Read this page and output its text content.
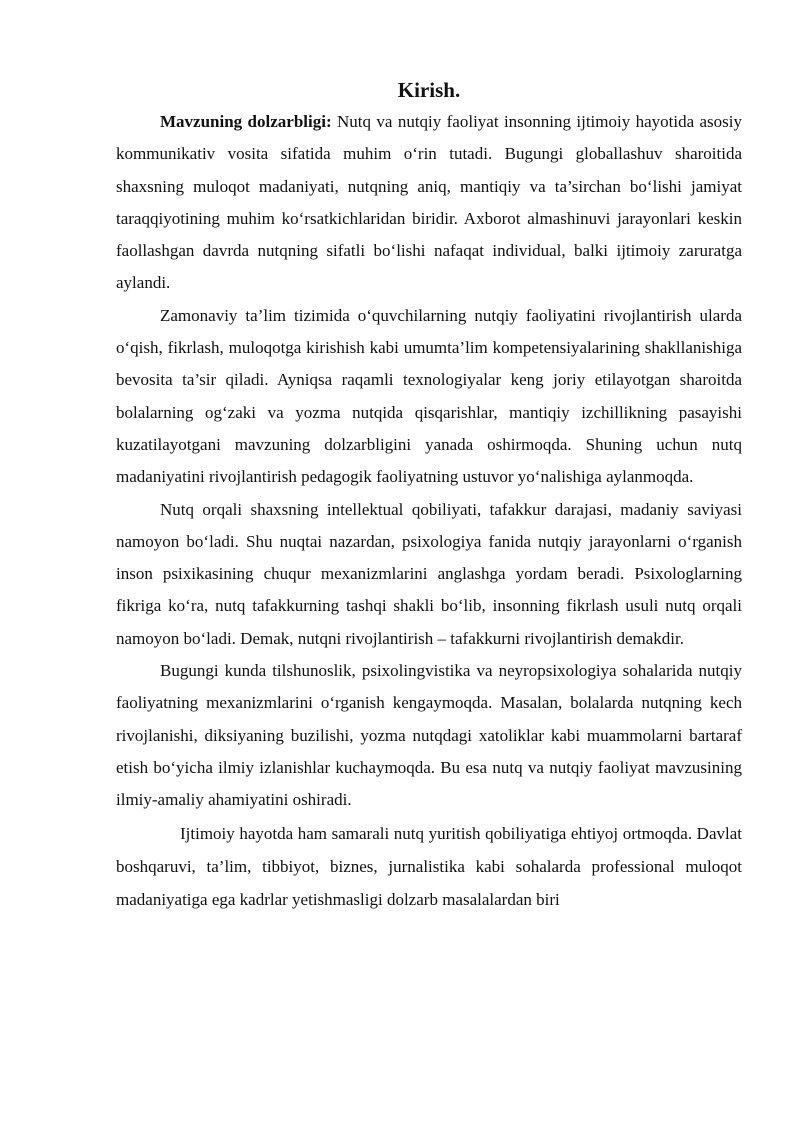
Kirish.

Mavzuning dolzarbligi: Nutq va nutqiy faoliyat insonning ijtimoiy hayotida asosiy kommunikativ vosita sifatida muhim o‘rin tutadi. Bugungi globallashuv sharoitida shaxsning muloqot madaniyati, nutqning aniq, mantiqiy va ta’sirchan bo‘lishi jamiyat taraqqiyotining muhim ko‘rsatkichlaridan biridir. Axborot almashinuvi jarayonlari keskin faollashgan davrda nutqning sifatli bo‘lishi nafaqat individual, balki ijtimoiy zaruratga aylandi.

Zamonaviy ta’lim tizimida o‘quvchilarning nutqiy faoliyatini rivojlantirish ularda o‘qish, fikrlash, muloqotga kirishish kabi umumta’lim kompetensiyalarining shakllanishiga bevosita ta’sir qiladi. Ayniqsa raqamli texnologiyalar keng joriy etilayotgan sharoitda bolalarning og‘zaki va yozma nutqida qisqarishlar, mantiqiy izchillikning pasayishi kuzatilayotgani mavzuning dolzarbligini yanada oshirmoqda. Shuning uchun nutq madaniyatini rivojlantirish pedagogik faoliyatning ustuvor yo‘nalishiga aylanmoqda.

Nutq orqali shaxsning intellektual qobiliyati, tafakkur darajasi, madaniy saviyasi namoyon bo‘ladi. Shu nuqtai nazardan, psixologiya fanida nutqiy jarayonlarni o‘rganish inson psixikasining chuqur mexanizmlarini anglashga yordam beradi. Psixologlarning fikriga ko‘ra, nutq tafakkurning tashqi shakli bo‘lib, insonning fikrlash usuli nutq orqali namoyon bo‘ladi. Demak, nutqni rivojlantirish – tafakkurni rivojlantirish demakdir.

Bugungi kunda tilshunoslik, psixolingvistika va neyropsixologiya sohalarida nutqiy faoliyatning mexanizmlarini o‘rganish kengaymoqda. Masalan, bolalarda nutqning kech rivojlanishi, diksiyaning buzilishi, yozma nutqdagi xatoliklar kabi muammolarni bartaraf etish bo‘yicha ilmiy izlanishlar kuchaymoqda. Bu esa nutq va nutqiy faoliyat mavzusining ilmiy-amaliy ahamiyatini oshiradi.

Ijtimoiy hayotda ham samarali nutq yuritish qobiliyatiga ehtiyoj ortmoqda. Davlat boshqaruvi, ta’lim, tibbiyot, biznes, jurnalistika kabi sohalarda professional muloqot madaniyatiga ega kadrlar yetishmasligi dolzarb masalalardan biri
